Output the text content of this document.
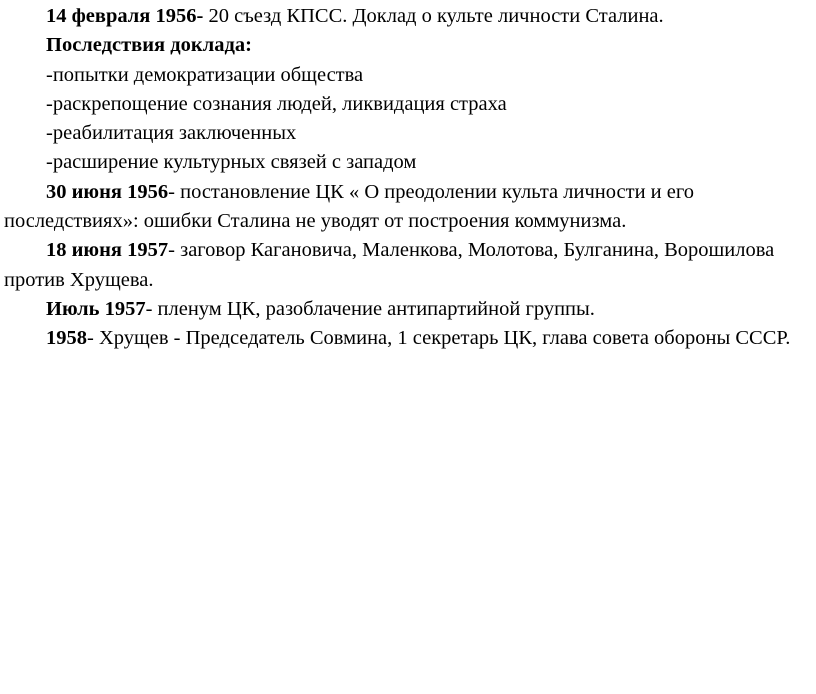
14 февраля 1956- 20 съезд КПСС. Доклад о культе личности Сталина.

Последствия доклада:

-попытки демократизации общества

-раскрепощение сознания людей, ликвидация страха

-реабилитация заключенных

-расширение культурных связей с западом

30 июня 1956- постановление ЦК « О преодолении культа личности и его последствиях»: ошибки Сталина не уводят от построения коммунизма.

18 июня 1957- заговор Кагановича, Маленкова, Молотова, Булганина, Ворошилова против Хрущева.

Июль 1957- пленум ЦК, разоблачение антипартийной группы.

1958- Хрущев - Председатель Совмина, 1 секретарь ЦК, глава совета обороны СССР.
